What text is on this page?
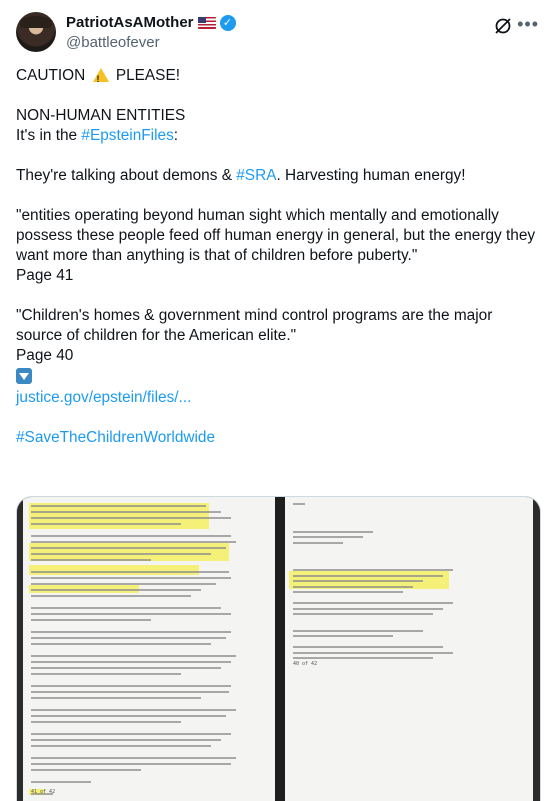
PatriotAsAMother	✓
@battleofever
•••

CAUTION ! PLEASE!

NON-HUMAN ENTITIES

It's in the #EpsteinFiles:

They're talking about demons & #SRA. Harvesting human energy!

"entities operating beyond human sight which mentally and emotionally possess these people feed off human energy in general, but the energy they want more than anything is that of children before puberty."

Page 41

"Children's homes & government mind control programs are the major source of children for the American elite."

Page 40

justice.gov/epstein/files/...

#SaveTheChildrenWorldwide

41 of 42
40 of 42
